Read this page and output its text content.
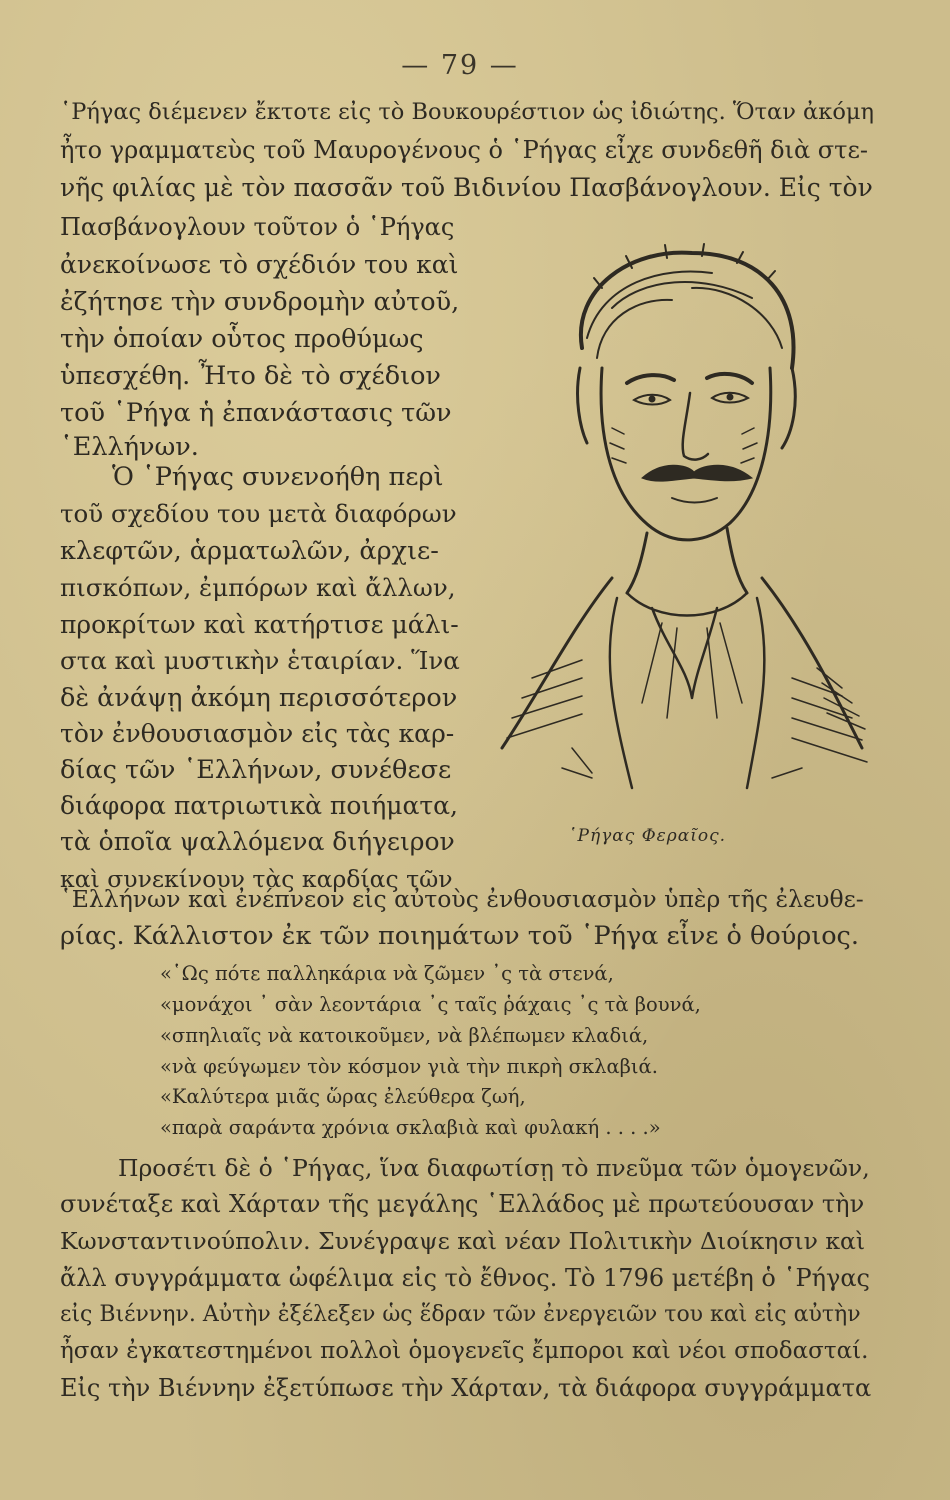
— 79 —
῾Ρήγας διέμενεν ἔκτοτε εἰς τὸ Βουκουρέστιον ὡς ἰδιώτης. Ὅταν ἀκόμη
ἦτο γραμματεὺς τοῦ Μαυρογένους ὁ ῾Ρήγας εἶχε συνδεθῆ διὰ στε-
νῆς φιλίας μὲ τὸν πασσᾶν τοῦ Βιδινίου Πασβάνογλουν. Εἰς τὸν
Πασβάνογλουν τοῦτον ὁ ῾Ρήγας
ἀνεκοίνωσε τὸ σχέδιόν του καὶ
ἐζήτησε τὴν συνδρομὴν αὐτοῦ,
τὴν ὁποίαν οὗτος προθύμως
ὑπεσχέθη. Ἦτο δὲ τὸ σχέδιον
τοῦ ῾Ρήγα ἡ ἐπανάστασις τῶν
῾Ελλήνων.
Ὁ ῾Ρήγας συνενοήθη περὶ
τοῦ σχεδίου του μετὰ διαφόρων
κλεφτῶν, ἁρματωλῶν, ἀρχιε-
πισκόπων, ἐμπόρων καὶ ἄλλων,
προκρίτων καὶ κατήρτισε μάλι-
στα καὶ μυστικὴν ἑταιρίαν. Ἵνα
δὲ ἀνάψῃ ἀκόμη περισσότερον
τὸν ἐνθουσιασμὸν εἰς τὰς καρ-
δίας τῶν ῾Ελλήνων, συνέθεσε
διάφορα πατριωτικὰ ποιήματα,
τὰ ὁποῖα ψαλλόμενα διήγειρον
καὶ συνεκίνουν τὰς καρδίας τῶν
῾Ρήγας Φεραῖος.
῾Ελλήνων καὶ ἐνέπνεον εἰς αὐτοὺς ἐνθουσιασμὸν ὑπὲρ τῆς ἐλευθε-
ρίας. Κάλλιστον ἐκ τῶν ποιημάτων τοῦ ῾Ρήγα εἶνε ὁ θούριος.
«῾Ως πότε παλληκάρια νὰ ζῶμεν ᾽ς τὰ στενά,
«μονάχοι ᾽ σὰν λεοντάρια ᾽ς ταῖς ῥάχαις ᾽ς τὰ βουνά,
«σπηλιαῖς νὰ κατοικοῦμεν, νὰ βλέπωμεν κλαδιά,
«νὰ φεύγωμεν τὸν κόσμον γιὰ τὴν πικρὴ σκλαβιά.
«Καλύτερα μιᾶς ὥρας ἐλεύθερα ζωή,
«παρὰ σαράντα χρόνια σκλαβιὰ καὶ φυλακή . . . .»
Προσέτι δὲ ὁ ῾Ρήγας, ἵνα διαφωτίσῃ τὸ πνεῦμα τῶν ὁμογενῶν,
συνέταξε καὶ Χάρταν τῆς μεγάλης ῾Ελλάδος μὲ πρωτεύουσαν τὴν
Κωνσταντινούπολιν. Συνέγραψε καὶ νέαν Πολιτικὴν Διοίκησιν καὶ
ἄλλ συγγράμματα ὠφέλιμα εἰς τὸ ἔθνος. Τὸ 1796 μετέβη ὁ ῾Ρήγας
εἰς Βιέννην. Αὐτὴν ἐξέλεξεν ὡς ἕδραν τῶν ἐνεργειῶν του καὶ εἰς αὐτὴν
ἦσαν ἐγκατεστημένοι πολλοὶ ὁμογενεῖς ἔμποροι καὶ νέοι σποδασταί.
Εἰς τὴν Βιέννην ἐξετύπωσε τὴν Χάρταν, τὰ διάφορα συγγράμματα
